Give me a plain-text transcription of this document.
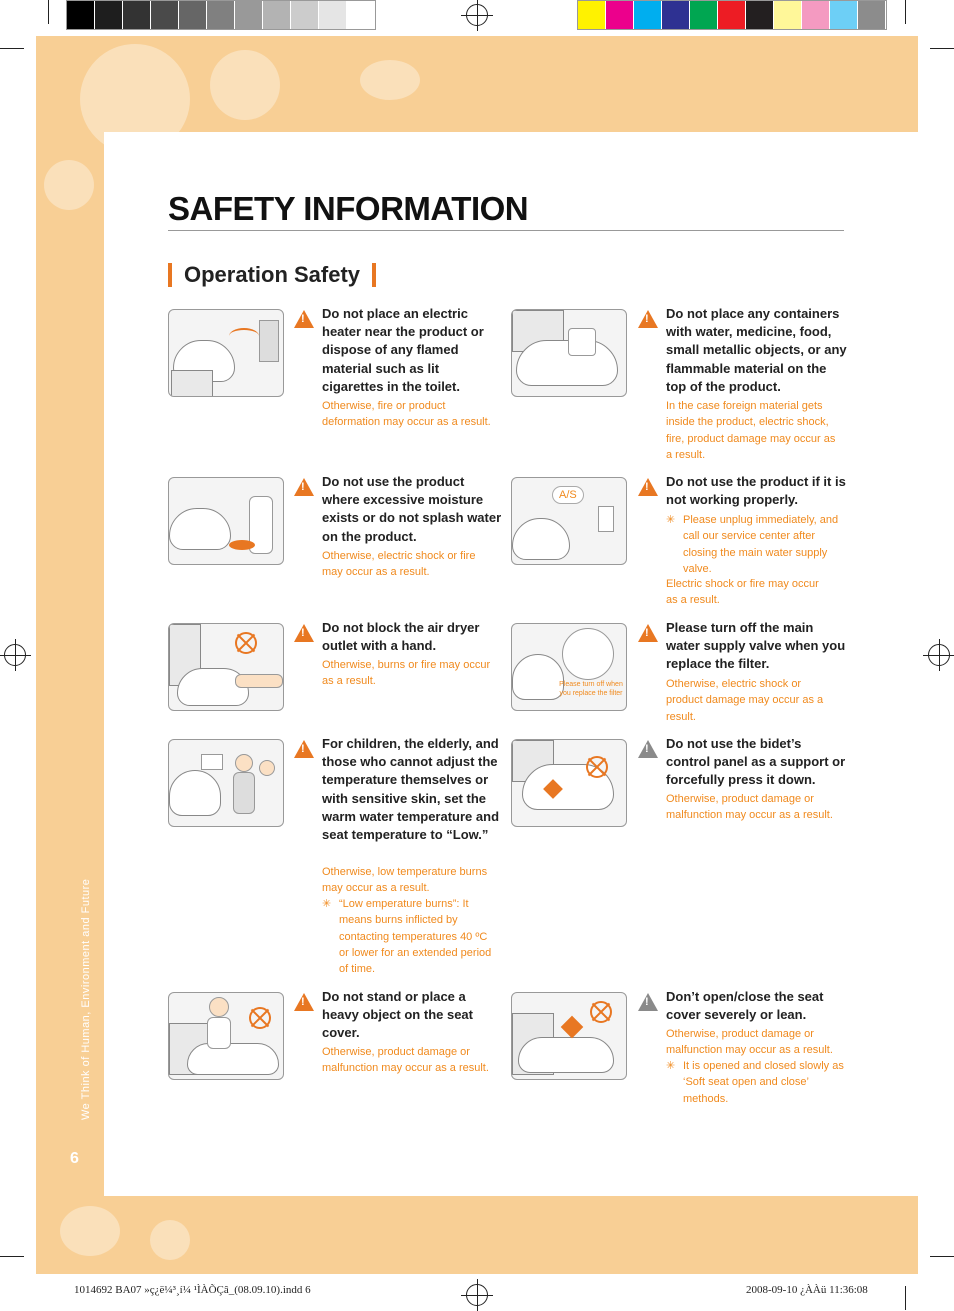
We Think of Human, Environment and Future
6
SAFETY INFORMATION
Operation Safety
!
Do not place an electric heater near the product or dispose of any flamed material such as lit cigarettes in the toilet.
Otherwise, fire or product deformation may occur as a result.
!
Do not place any containers with water, medicine, food, small metallic objects, or any flammable material on the top of the product.
In the case foreign material gets inside the product, electric shock, fire, product damage may occur as a result.
!
Do not use the product where excessive moisture exists or do not splash water on the product.
Otherwise, electric shock or fire may occur as a result.
A/S
!
Do not use the product if it is not working properly.
✳ Please unplug immediately, and call our service center after closing the main water supply valve.
Electric shock or fire may occur as a result.
!
Do not block the air dryer outlet with a hand.
Otherwise, burns or fire may occur as a result.	Please turn off when you replace the filter
!
Please turn off the main water supply valve when you replace the filter.
Otherwise, electric shock or product damage may occur as a result.
!
For children, the elderly, and those who cannot adjust the temperature themselves or with sensitive skin, set the warm water temperature and seat temperature to “Low.”
Otherwise, low temperature burns may occur as a result.
✳ “Low emperature burns”: It means burns inflicted by contacting temperatures 40 ºC or lower for an extended period of time.
!
Do not use the bidet’s control panel as a support or forcefully press it down.
Otherwise, product damage or malfunction may occur as a result.
!
Do not stand or place a heavy object on the seat cover.
Otherwise, product damage or malfunction may occur as a result.
!
Don’t open/close the seat cover severely or lean.
Otherwise, product damage or malfunction may occur as a result.
✳ It is opened and closed slowly as ‘Soft seat open and close’ methods.
1014692 BA07 »ç¿ë¼³¸í¼ ¹ÌÀÕÇâ_(08.09.10).indd 6	2008-09-10 ¿ÀÀü 11:36:08
